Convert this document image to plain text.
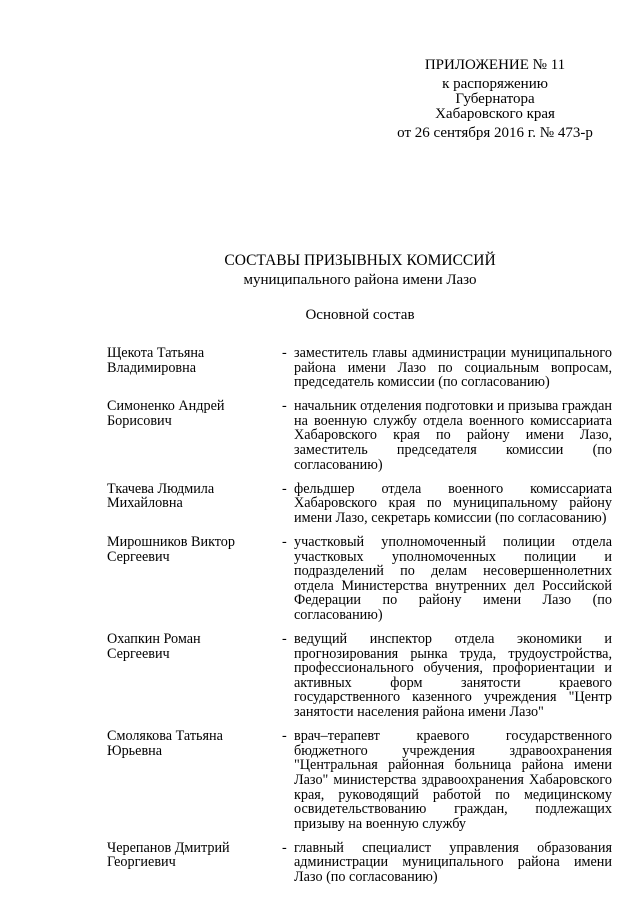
ПРИЛОЖЕНИЕ № 11
к распоряжению
Губернатора
Хабаровского края
от 26 сентября 2016 г. № 473-р
СОСТАВЫ ПРИЗЫВНЫХ КОМИССИЙ
муниципального района имени Лазо
Основной состав
Щекота Татьяна
Владимировна
- заместитель главы администрации муниципального района имени Лазо по социальным вопросам, председатель комиссии (по согласованию)
Симоненко Андрей
Борисович
- начальник отделения подготовки и призыва граждан на военную службу отдела военного комиссариата Хабаровского края по району имени Лазо, заместитель председателя комиссии (по согласованию)
Ткачева Людмила
Михайловна
- фельдшер отдела военного комиссариата Хабаровского края по муниципальному району имени Лазо, секретарь комиссии (по согласованию)
Мирошников Виктор
Сергеевич
- участковый уполномоченный полиции отдела участковых уполномоченных полиции и подразделений по делам несовершеннолетних отдела Министерства внутренних дел Российской Федерации по району имени Лазо (по согласованию)
Охапкин Роман
Сергеевич
- ведущий инспектор отдела экономики и прогнозирования рынка труда, трудоустройства, профессионального обучения, профориентации и активных форм занятости краевого государственного казенного учреждения "Центр занятости населения района имени Лазо"
Смолякова Татьяна
Юрьевна
- врач–терапевт краевого государственного бюджетного учреждения здравоохранения "Центральная районная больница района имени Лазо" министерства здравоохранения Хабаровского края, руководящий работой по медицинскому освидетельствованию граждан, подлежащих призыву на военную службу
Черепанов Дмитрий
Георгиевич
- главный специалист управления образования администрации муниципального района имени Лазо (по согласованию)
